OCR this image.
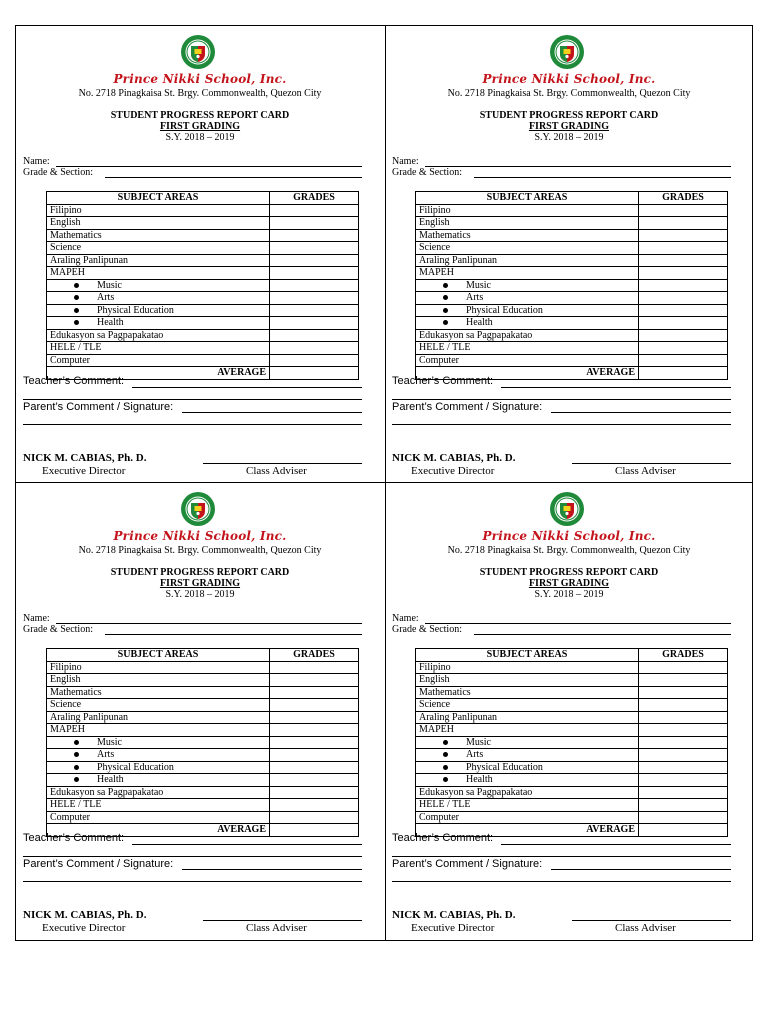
Prince Nikki School, Inc.
No. 2718 Pinagkaisa St. Brgy. Commonwealth, Quezon City
STUDENT PROGRESS REPORT CARD
FIRST GRADING
S.Y. 2018 – 2019
Name:
Grade & Section:
SUBJECT AREAS	GRADES
Filipino	
English	
Mathematics	
Science	
Araling Panlipunan	
MAPEH	
Music	
Arts	
Physical Education	
Health	
Edukasyon sa Pagpapakatao	
HELE / TLE	
Computer	
AVERAGE	
Teacher’s Comment:
Parent’s Comment / Signature:
NICK M. CABIAS, Ph. D.
Executive Director	Class Adviser
Prince Nikki School, Inc.
No. 2718 Pinagkaisa St. Brgy. Commonwealth, Quezon City
STUDENT PROGRESS REPORT CARD
FIRST GRADING
S.Y. 2018 – 2019
Name:
Grade & Section:
SUBJECT AREAS	GRADES
Filipino	
English	
Mathematics	
Science	
Araling Panlipunan	
MAPEH	
Music	
Arts	
Physical Education	
Health	
Edukasyon sa Pagpapakatao	
HELE / TLE	
Computer	
AVERAGE	
Teacher’s Comment:
Parent’s Comment / Signature:
NICK M. CABIAS, Ph. D.
Executive Director	Class Adviser
Prince Nikki School, Inc.
No. 2718 Pinagkaisa St. Brgy. Commonwealth, Quezon City
STUDENT PROGRESS REPORT CARD
FIRST GRADING
S.Y. 2018 – 2019
Name:
Grade & Section:
SUBJECT AREAS	GRADES
Filipino	
English	
Mathematics	
Science	
Araling Panlipunan	
MAPEH	
Music	
Arts	
Physical Education	
Health	
Edukasyon sa Pagpapakatao	
HELE / TLE	
Computer	
AVERAGE	
Teacher’s Comment:
Parent’s Comment / Signature:
NICK M. CABIAS, Ph. D.
Executive Director	Class Adviser
Prince Nikki School, Inc.
No. 2718 Pinagkaisa St. Brgy. Commonwealth, Quezon City
STUDENT PROGRESS REPORT CARD
FIRST GRADING
S.Y. 2018 – 2019
Name:
Grade & Section:
SUBJECT AREAS	GRADES
Filipino	
English	
Mathematics	
Science	
Araling Panlipunan	
MAPEH	
Music	
Arts	
Physical Education	
Health	
Edukasyon sa Pagpapakatao	
HELE / TLE	
Computer	
AVERAGE	
Teacher’s Comment:
Parent’s Comment / Signature:
NICK M. CABIAS, Ph. D.
Executive Director	Class Adviser
